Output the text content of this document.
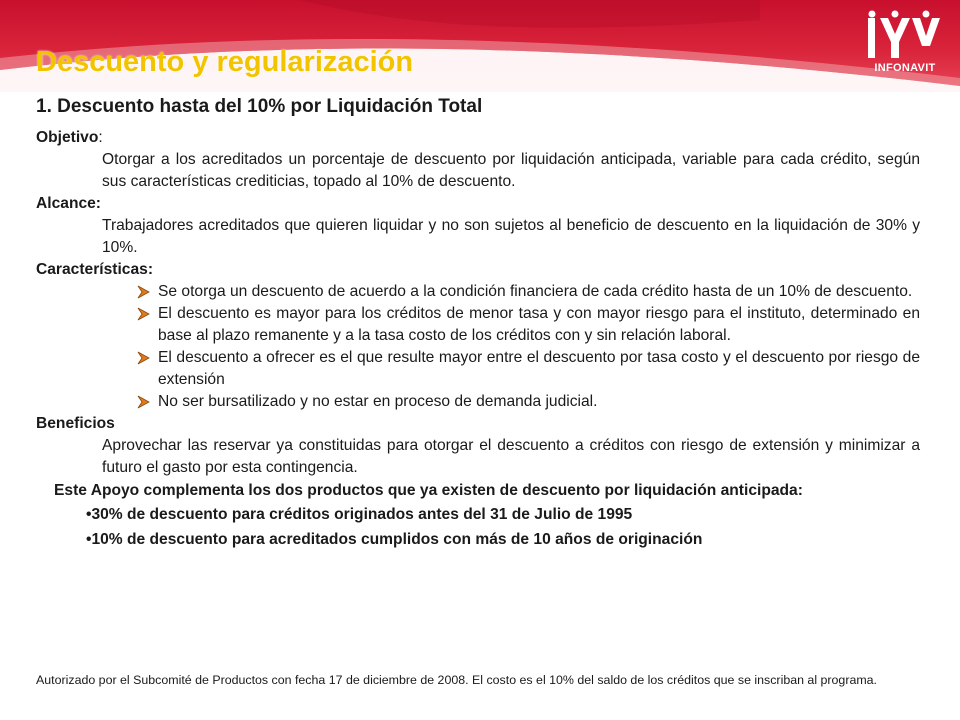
INFONAVIT
Descuento y regularización
1. Descuento hasta del 10% por Liquidación Total
Objetivo:
Otorgar a los acreditados un porcentaje de descuento por liquidación anticipada, variable para cada crédito, según sus características crediticias, topado al 10% de descuento.
Alcance:
Trabajadores acreditados que quieren liquidar y no son sujetos al beneficio de descuento en la liquidación de 30% y 10%.
Características:
Se otorga un descuento de acuerdo a la condición financiera de cada crédito hasta de un 10% de descuento.
El descuento es mayor para los créditos de menor tasa y con mayor riesgo para el instituto, determinado en base al plazo remanente y a la tasa costo de los créditos con y sin relación laboral.
El descuento a ofrecer es el que resulte mayor entre el descuento por tasa costo y el descuento por riesgo de extensión
No ser bursatilizado y no estar en proceso de demanda judicial.
Beneficios
Aprovechar las reservar ya constituidas para otorgar el descuento a créditos con riesgo de extensión y minimizar a futuro el gasto por esta contingencia.
Este Apoyo complementa los dos productos que ya existen de descuento por liquidación anticipada:
•30% de descuento para créditos originados antes del 31 de Julio de 1995
•10% de descuento para acreditados cumplidos con más de 10 años de originación
Autorizado por el Subcomité de Productos con fecha 17 de diciembre de 2008. El costo es el 10% del saldo de los créditos que se inscriban al programa.
